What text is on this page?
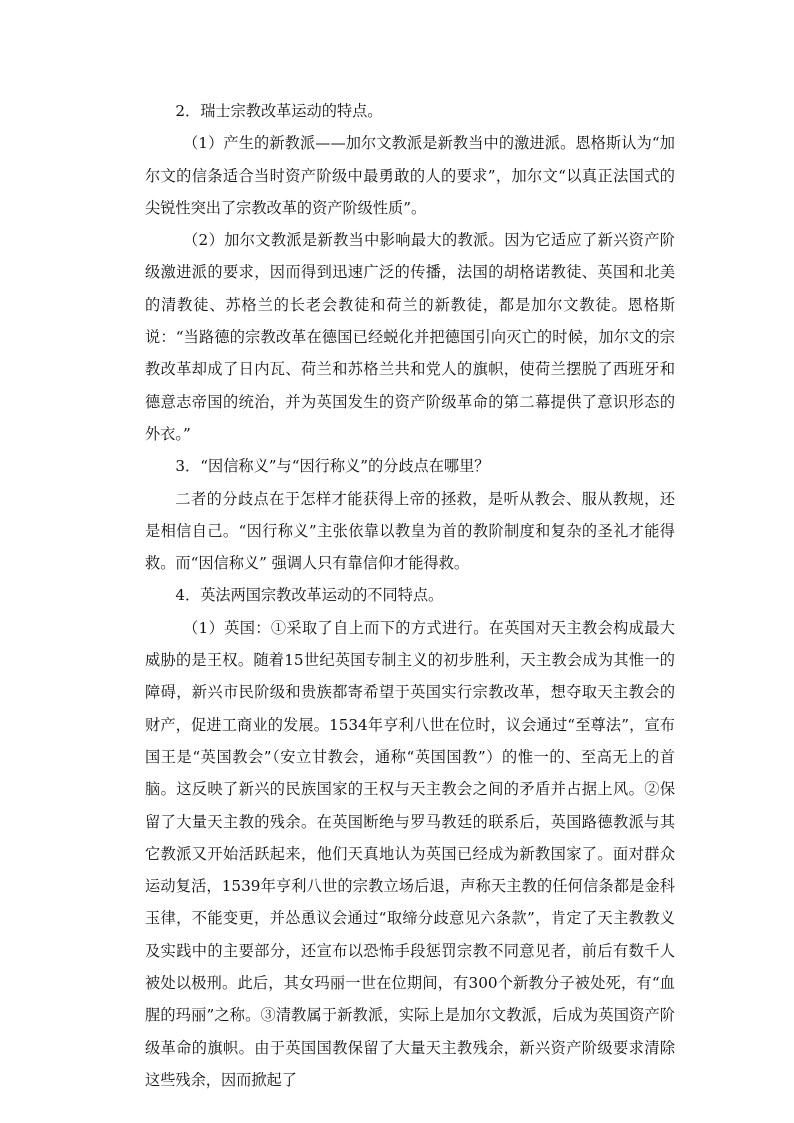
2．瑞士宗教改革运动的特点。

（1）产生的新教派——加尔文教派是新教当中的激进派。恩格斯认为“加尔文的信条适合当时资产阶级中最勇敢的人的要求”，加尔文“以真正法国式的尖锐性突出了宗教改革的资产阶级性质”。

（2）加尔文教派是新教当中影响最大的教派。因为它适应了新兴资产阶级激进派的要求，因而得到迅速广泛的传播，法国的胡格诺教徒、英国和北美的清教徒、苏格兰的长老会教徒和荷兰的新教徒，都是加尔文教徒。恩格斯说：“当路德的宗教改革在德国已经蜕化并把德国引向灭亡的时候，加尔文的宗教改革却成了日内瓦、荷兰和苏格兰共和党人的旗帜，使荷兰摆脱了西班牙和德意志帝国的统治，并为英国发生的资产阶级革命的第二幕提供了意识形态的外衣。”

3．“因信称义”与“因行称义”的分歧点在哪里？

二者的分歧点在于怎样才能获得上帝的拯救，是听从教会、服从教规，还是相信自己。“因行称义”主张依靠以教皇为首的教阶制度和复杂的圣礼才能得救。而“因信称义” 强调人只有靠信仰才能得救。

4．英法两国宗教改革运动的不同特点。

（1）英国：①采取了自上而下的方式进行。在英国对天主教会构成最大威胁的是王权。随着15世纪英国专制主义的初步胜利，天主教会成为其惟一的障碍，新兴市民阶级和贵族都寄希望于英国实行宗教改革，想夺取天主教会的财产，促进工商业的发展。1534年亨利八世在位时，议会通过“至尊法”，宣布国王是“英国教会”（安立甘教会，通称“英国国教”）的惟一的、至高无上的首脑。这反映了新兴的民族国家的王权与天主教会之间的矛盾并占据上风。②保留了大量天主教的残余。在英国断绝与罗马教廷的联系后，英国路德教派与其它教派又开始活跃起来，他们天真地认为英国已经成为新教国家了。面对群众运动复活，1539年亨利八世的宗教立场后退，声称天主教的任何信条都是金科玉律，不能变更，并怂恿议会通过“取缔分歧意见六条款”，肯定了天主教教义及实践中的主要部分，还宣布以恐怖手段惩罚宗教不同意见者，前后有数千人被处以极刑。此后，其女玛丽一世在位期间，有300个新教分子被处死，有“血腥的玛丽”之称。③清教属于新教派，实际上是加尔文教派，后成为英国资产阶级革命的旗帜。由于英国国教保留了大量天主教残余，新兴资产阶级要求清除这些残余，因而掀起了
